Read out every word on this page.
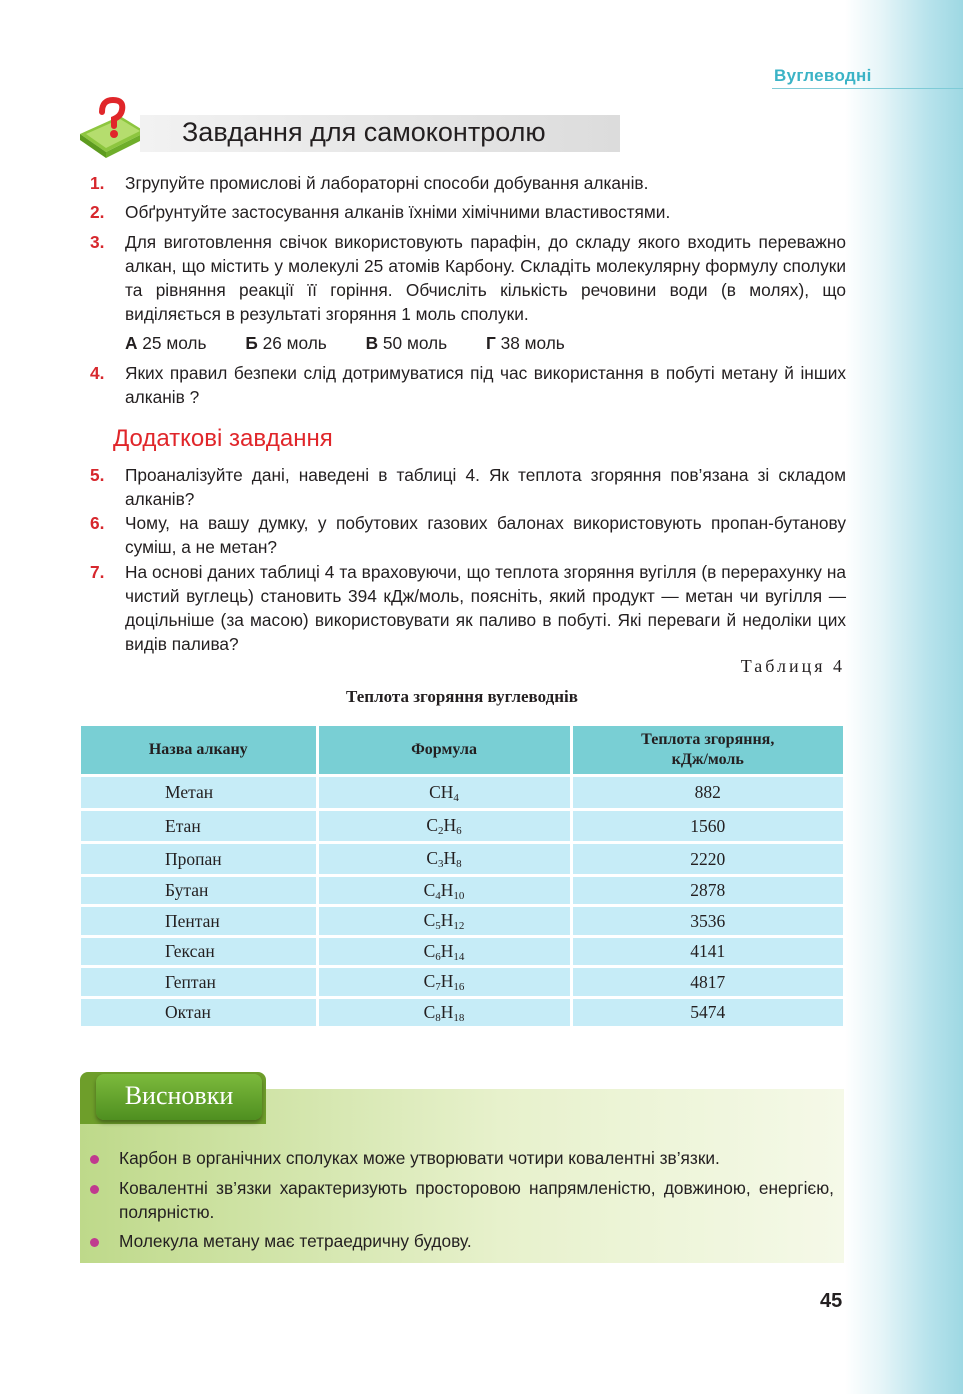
Вуглеводні
Завдання для самоконтролю
1. Згрупуйте промислові й лабораторні способи добування алканів.
2. Обґрунтуйте застосування алканів їхніми хімічними властивостями.
3. Для виготовлення свічок використовують парафін, до складу якого входить переважно алкан, що містить у молекулі 25 атомів Карбону. Складіть молекулярну формулу сполуки та рівняння реакції її горіння. Обчисліть кількість речовини води (в молях), що виділяється в результаті згоряння 1 моль сполуки.
А 25 моль Б 26 моль В 50 моль Г 38 моль
4. Яких правил безпеки слід дотримуватися під час використання в побуті метану й інших алканів ?
Додаткові завдання
5. Проаналізуйте дані, наведені в таблиці 4. Як теплота згоряння пов’язана зі складом алканів?
6. Чому, на вашу думку, у побутових газових балонах використовують пропан-бутанову суміш, а не метан?
7. На основі даних таблиці 4 та враховуючи, що теплота згоряння вугілля (в перерахунку на чистий вуглець) становить 394 кДж/моль, поясніть, який продукт — метан чи вугілля — доцільніше (за масою) використовувати як паливо в побуті. Які переваги й недоліки цих видів палива?
Таблиця 4
Теплота згоряння вуглеводнів
Назва алкану	Формула	Теплота згоряння, кДж/моль
Метан	$CH_4$	882
Етан	$C_2H_6$	1560
Пропан	$C_3H_8$	2220
Бутан	$C_4H_{10}$	2878
Пентан	$C_5H_{12}$	3536
Гексан	$C_6H_{14}$	4141
Гептан	$C_7H_{16}$	4817
Октан	$C_8H_{18}$	5474
Висновки
Карбон в органічних сполуках може утворювати чотири ковалентні зв’язки.
Ковалентні зв’язки характеризують просторовою напрямленістю, довжиною, енергією, полярністю.
Молекула метану має тетраедричну будову.
45
